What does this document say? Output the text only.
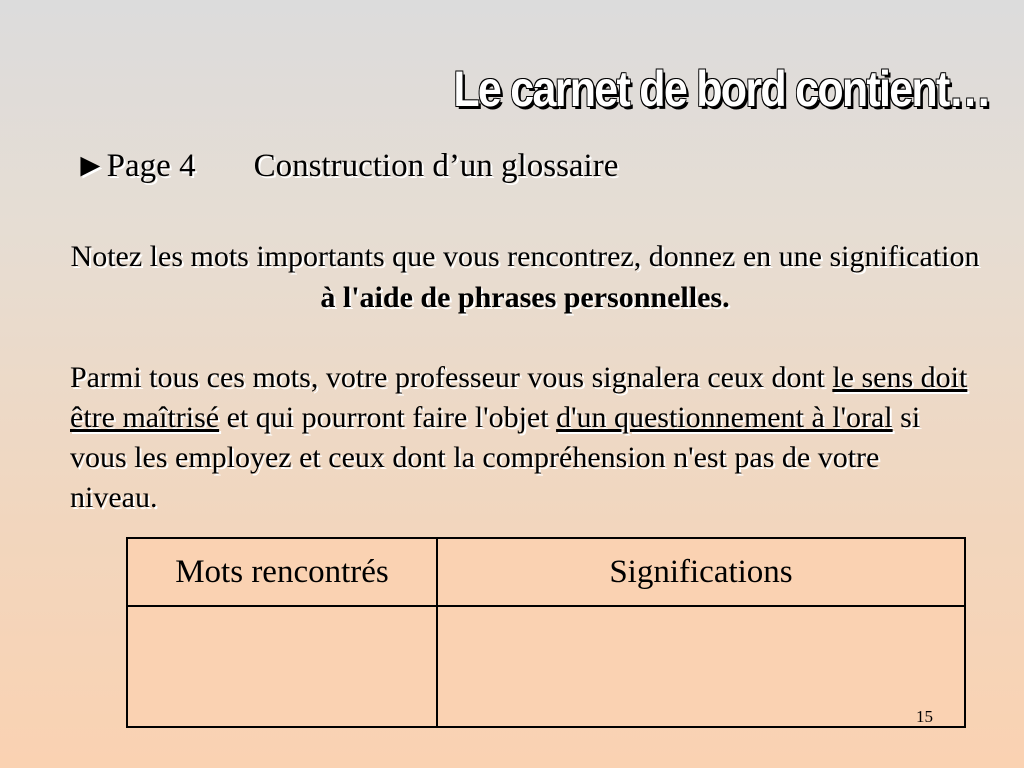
Le carnet de bord contient…
►Page 4 Construction d’un glossaire
Notez les mots importants que vous rencontrez, donnez en une signification à l'aide de phrases personnelles.
Parmi tous ces mots, votre professeur vous signalera ceux dont le sens doit être maîtrisé et qui pourront faire l'objet d'un questionnement à l'oral si vous les employez et ceux dont la compréhension n'est pas de votre niveau.
Mots rencontrés	Significations

15
